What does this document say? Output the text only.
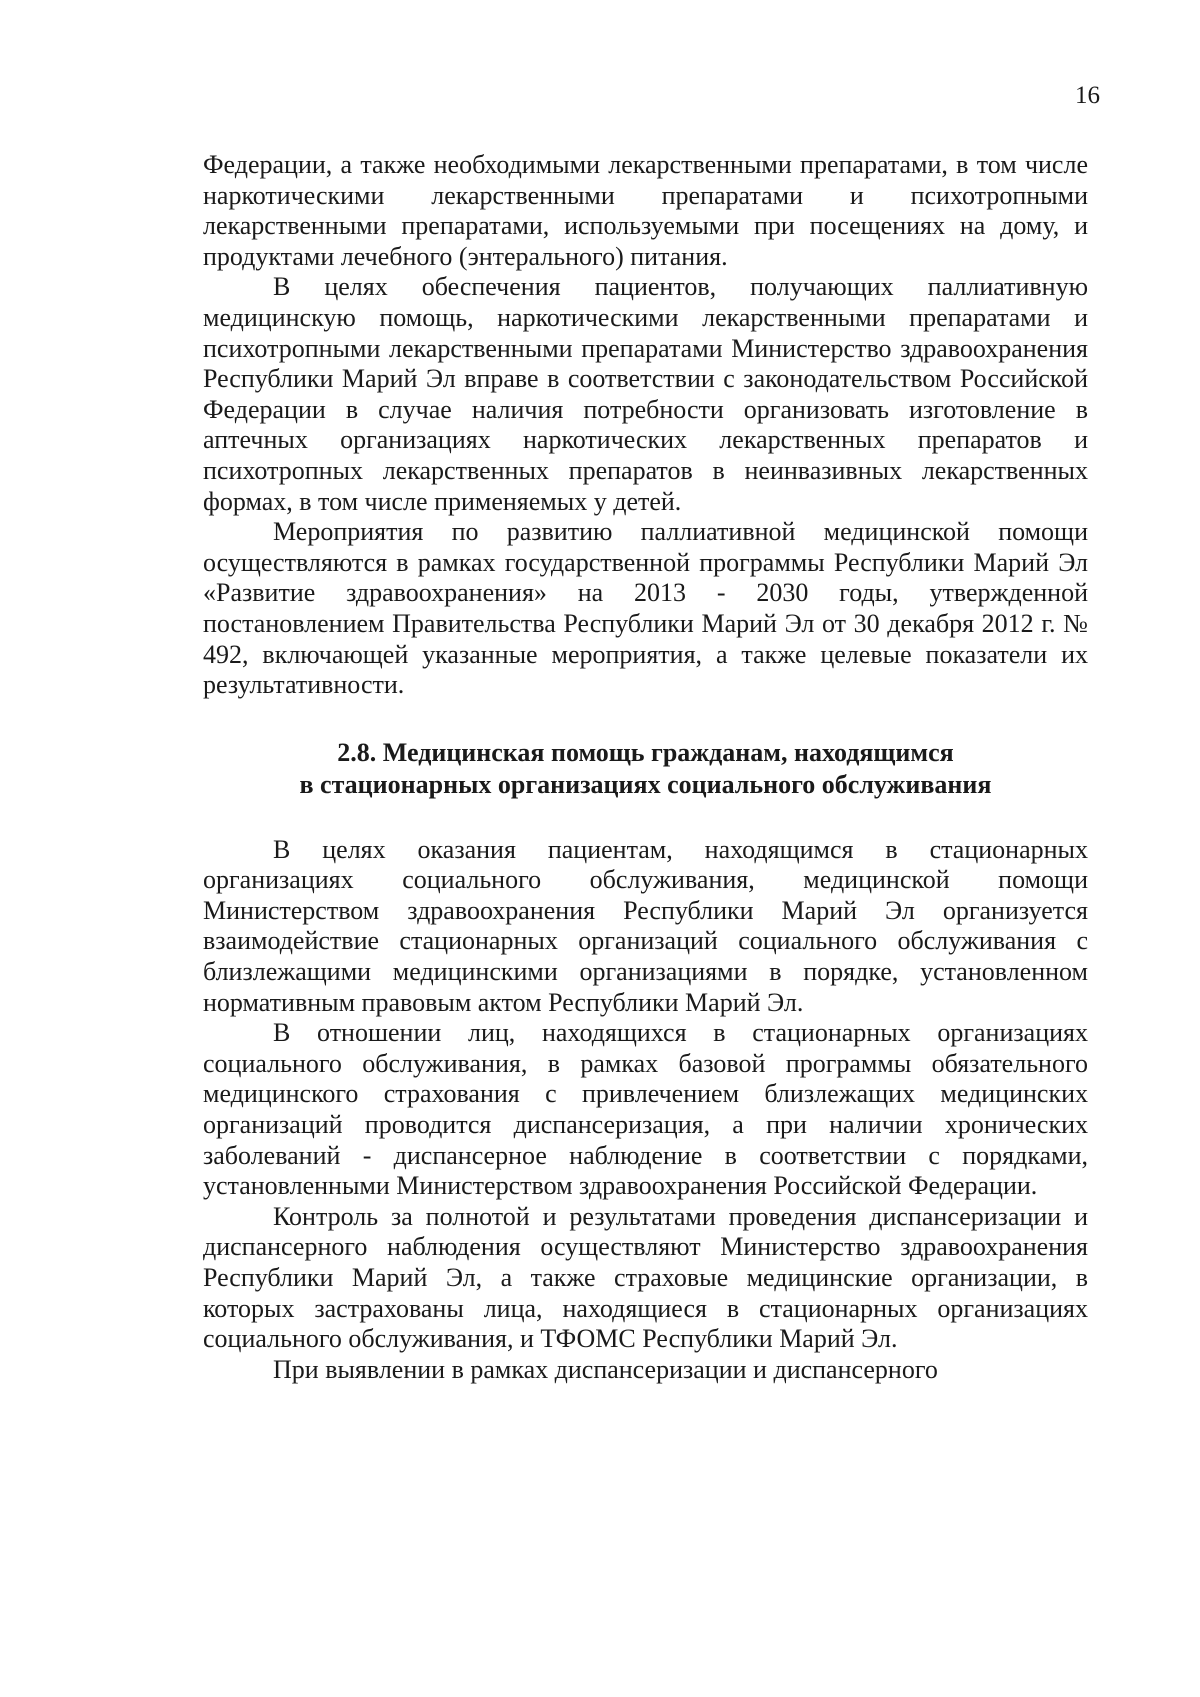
16

Федерации, а также необходимыми лекарственными препаратами, в том числе наркотическими лекарственными препаратами и психотропными лекарственными препаратами, используемыми при посещениях на дому, и продуктами лечебного (энтерального) питания.

В целях обеспечения пациентов, получающих паллиативную медицинскую помощь, наркотическими лекарственными препаратами и психотропными лекарственными препаратами Министерство здравоохранения Республики Марий Эл вправе в соответствии с законодательством Российской Федерации в случае наличия потребности организовать изготовление в аптечных организациях наркотических лекарственных препаратов и психотропных лекарственных препаратов в неинвазивных лекарственных формах, в том числе применяемых у детей.

Мероприятия по развитию паллиативной медицинской помощи осуществляются в рамках государственной программы Республики Марий Эл «Развитие здравоохранения» на 2013 - 2030 годы, утвержденной постановлением Правительства Республики Марий Эл от 30 декабря 2012 г. № 492, включающей указанные мероприятия, а также целевые показатели их результативности.

2.8. Медицинская помощь гражданам, находящимся
в стационарных организациях социального обслуживания

В целях оказания пациентам, находящимся в стационарных организациях социального обслуживания, медицинской помощи Министерством здравоохранения Республики Марий Эл организуется взаимодействие стационарных организаций социального обслуживания с близлежащими медицинскими организациями в порядке, установленном нормативным правовым актом Республики Марий Эл.

В отношении лиц, находящихся в стационарных организациях социального обслуживания, в рамках базовой программы обязательного медицинского страхования с привлечением близлежащих медицинских организаций проводится диспансеризация, а при наличии хронических заболеваний - диспансерное наблюдение в соответствии с порядками, установленными Министерством здравоохранения Российской Федерации.

Контроль за полнотой и результатами проведения диспансеризации и диспансерного наблюдения осуществляют Министерство здравоохранения Республики Марий Эл, а также страховые медицинские организации, в которых застрахованы лица, находящиеся в стационарных организациях социального обслуживания, и ТФОМС Республики Марий Эл.

При выявлении в рамках диспансеризации и диспансерного
